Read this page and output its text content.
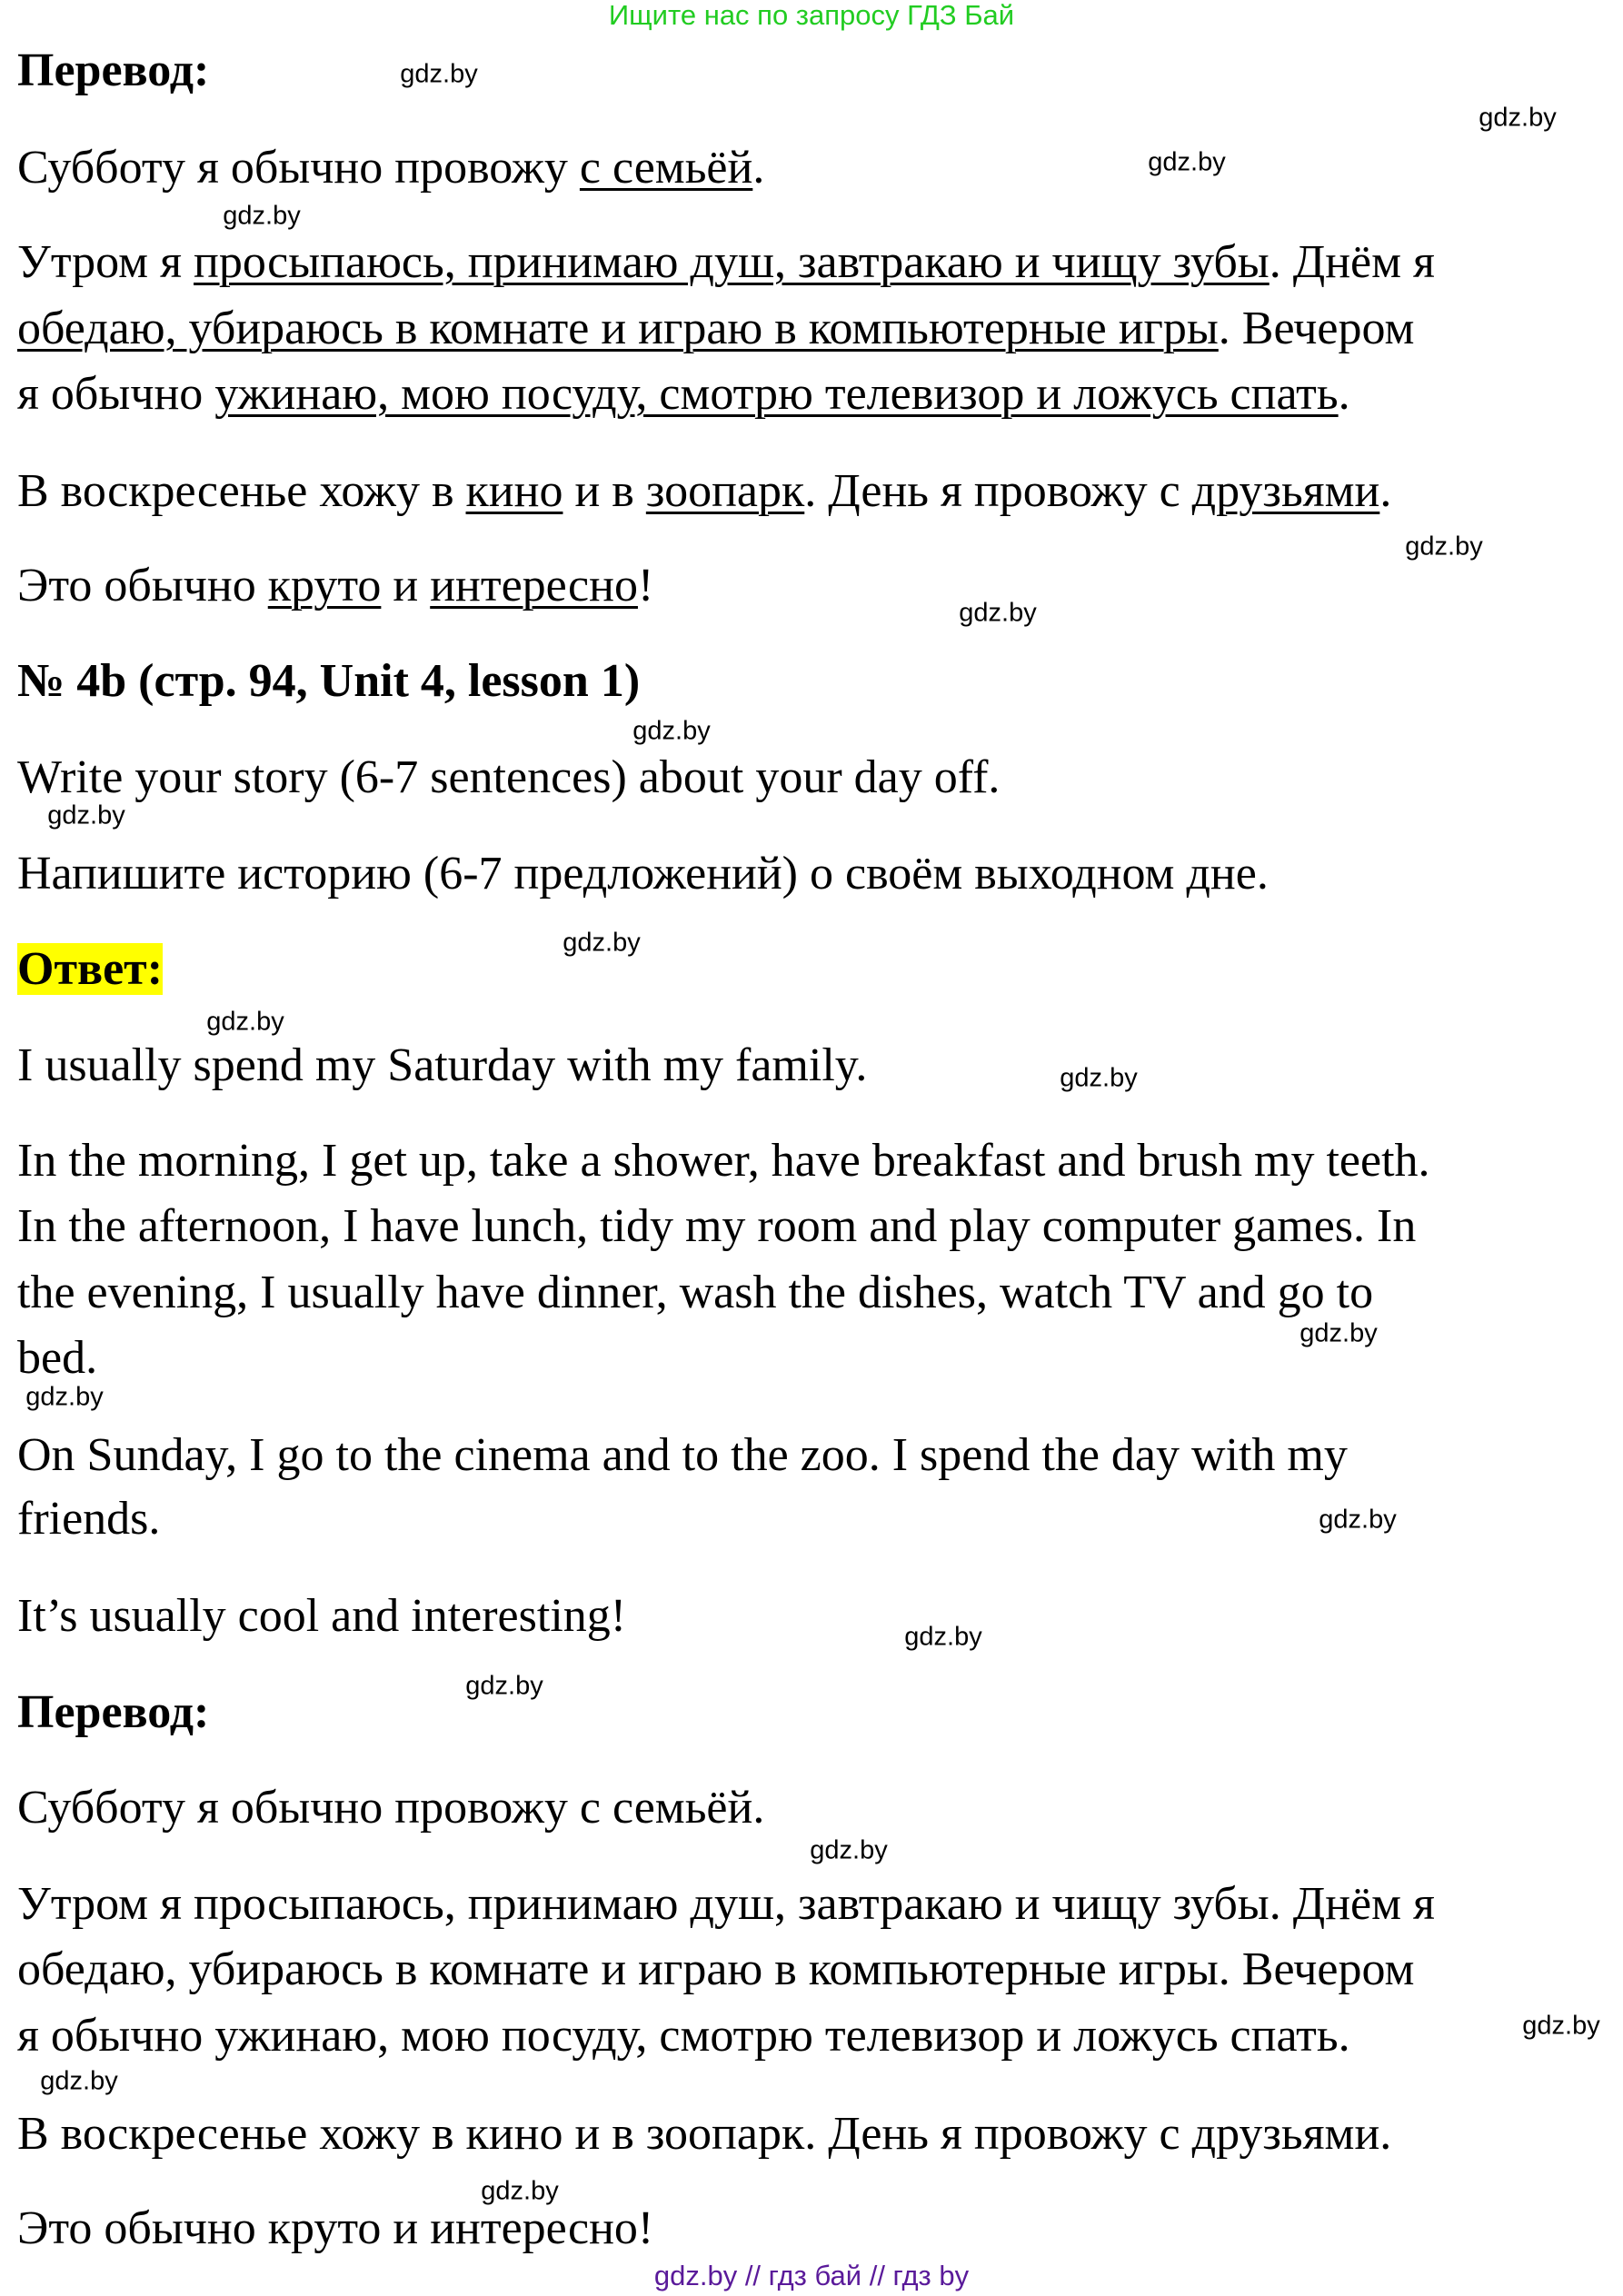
Ищите нас по запросу ГДЗ Бай
Перевод:
Субботу я обычно провожу с семьёй.
Утром я просыпаюсь, принимаю душ, завтракаю и чищу зубы. Днём я
обедаю, убираюсь в комнате и играю в компьютерные игры. Вечером
я обычно ужинаю, мою посуду, смотрю телевизор и ложусь спать.
В воскресенье хожу в кино и в зоопарк. День я провожу с друзьями.
Это обычно круто и интересно!
№ 4b (стр. 94, Unit 4, lesson 1)
Write your story (6-7 sentences) about your day off.
Напишите историю (6-7 предложений) о своём выходном дне.
Ответ:
I usually spend my Saturday with my family.
In the morning, I get up, take a shower, have breakfast and brush my teeth.
In the afternoon, I have lunch, tidy my room and play computer games. In
the evening, I usually have dinner, wash the dishes, watch TV and go to
bed.
On Sunday, I go to the cinema and to the zoo. I spend the day with my
friends.
It’s usually cool and interesting!
Перевод:
Субботу я обычно провожу с семьёй.
Утром я просыпаюсь, принимаю душ, завтракаю и чищу зубы. Днём я
обедаю, убираюсь в комнате и играю в компьютерные игры. Вечером
я обычно ужинаю, мою посуду, смотрю телевизор и ложусь спать.
В воскресенье хожу в кино и в зоопарк. День я провожу с друзьями.
Это обычно круто и интересно!
gdz.by // гдз бай // гдз by
gdz.by
gdz.by
gdz.by
gdz.by
gdz.by
gdz.by
gdz.by
gdz.by
gdz.by
gdz.by
gdz.by
gdz.by
gdz.by
gdz.by
gdz.by
gdz.by
gdz.by
gdz.by
gdz.by
gdz.by
